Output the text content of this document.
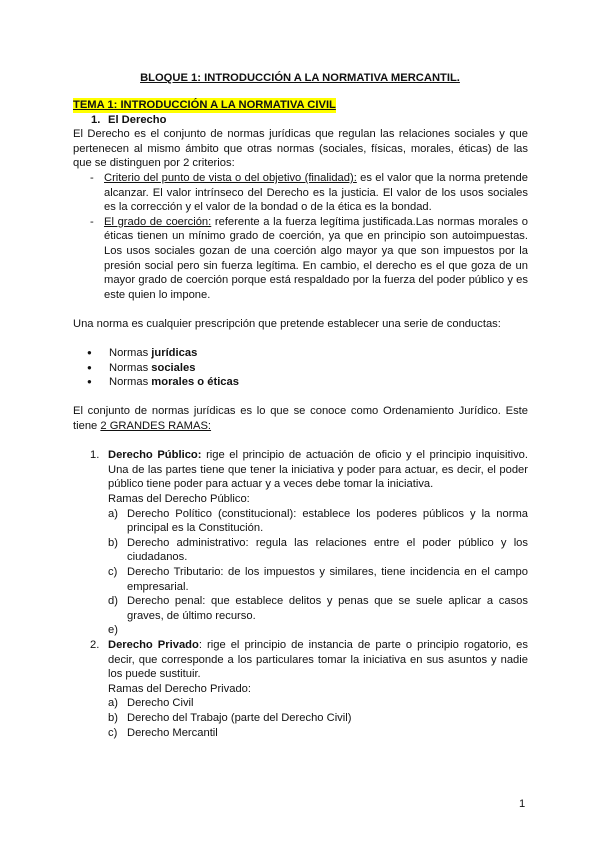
BLOQUE 1: INTRODUCCIÓN A LA NORMATIVA MERCANTIL.
TEMA 1: INTRODUCCIÓN A LA NORMATIVA CIVIL
1. El Derecho

El Derecho es el conjunto de normas jurídicas que regulan las relaciones sociales y que pertenecen al mismo ámbito que otras normas (sociales, físicas, morales, éticas) de las que se distinguen por 2 criterios:

- Criterio del punto de vista o del objetivo (finalidad): es el valor que la norma pretende alcanzar. El valor intrínseco del Derecho es la justicia. El valor de los usos sociales es la corrección y el valor de la bondad o de la ética es la bondad.
- El grado de coerción: referente a la fuerza legítima justificada.Las normas morales o éticas tienen un mínimo grado de coerción, ya que en principio son autoimpuestas. Los usos sociales gozan de una coerción algo mayor ya que son impuestos por la presión social pero sin fuerza legítima. En cambio, el derecho es el que goza de un mayor grado de coerción porque está respaldado por la fuerza del poder público y es este quien lo impone.

Una norma es cualquier prescripción que pretende establecer una serie de conductas:

●	Normas jurídicas
●	Normas sociales
●	Normas morales o éticas

El conjunto de normas jurídicas es lo que se conoce como Ordenamiento Jurídico. Este tiene 2 GRANDES RAMAS:

1. Derecho Público: rige el principio de actuación de oficio y el principio inquisitivo. Una de las partes tiene que tener la iniciativa y poder para actuar, es decir, el poder público tiene poder para actuar y a veces debe tomar la iniciativa.
Ramas del Derecho Público:
a) Derecho Político (constitucional): establece los poderes públicos y la norma principal es la Constitución.
b) Derecho administrativo: regula las relaciones entre el poder público y los ciudadanos.
c) Derecho Tributario: de los impuestos y similares, tiene incidencia en el campo empresarial.
d) Derecho penal: que establece delitos y penas que se suele aplicar a casos graves, de último recurso.
e)
2. Derecho Privado: rige el principio de instancia de parte o principio rogatorio, es decir, que corresponde a los particulares tomar la iniciativa en sus asuntos y nadie los puede sustituir.
Ramas del Derecho Privado:
a) Derecho Civil
b) Derecho del Trabajo (parte del Derecho Civil)
c) Derecho Mercantil
1
